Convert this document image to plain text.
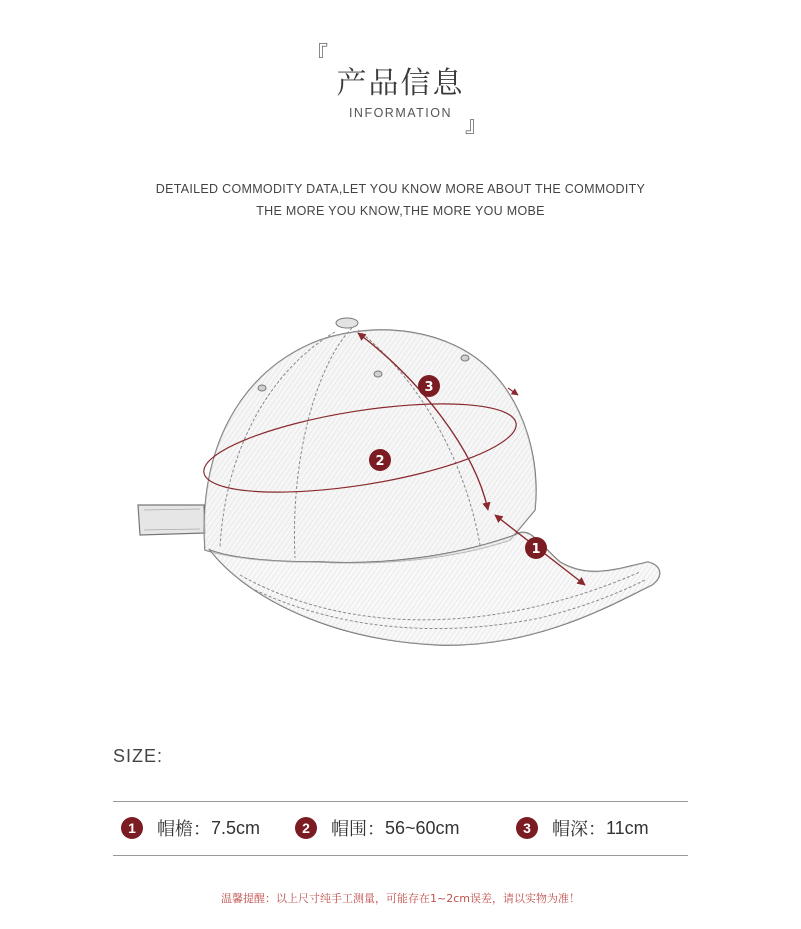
『
产品信息
INFORMATION 』
DETAILED COMMODITY DATA,LET YOU KNOW MORE ABOUT THE COMMODITY
THE MORE YOU KNOW,THE MORE YOU MOBE
3
2
1
SIZE:
1	帽檐： 7.5cm	2	帽围： 56~60cm	3	帽深： 11cm
温馨提醒：以上尺寸纯手工测量，可能存在1~2cm误差，请以实物为准！
